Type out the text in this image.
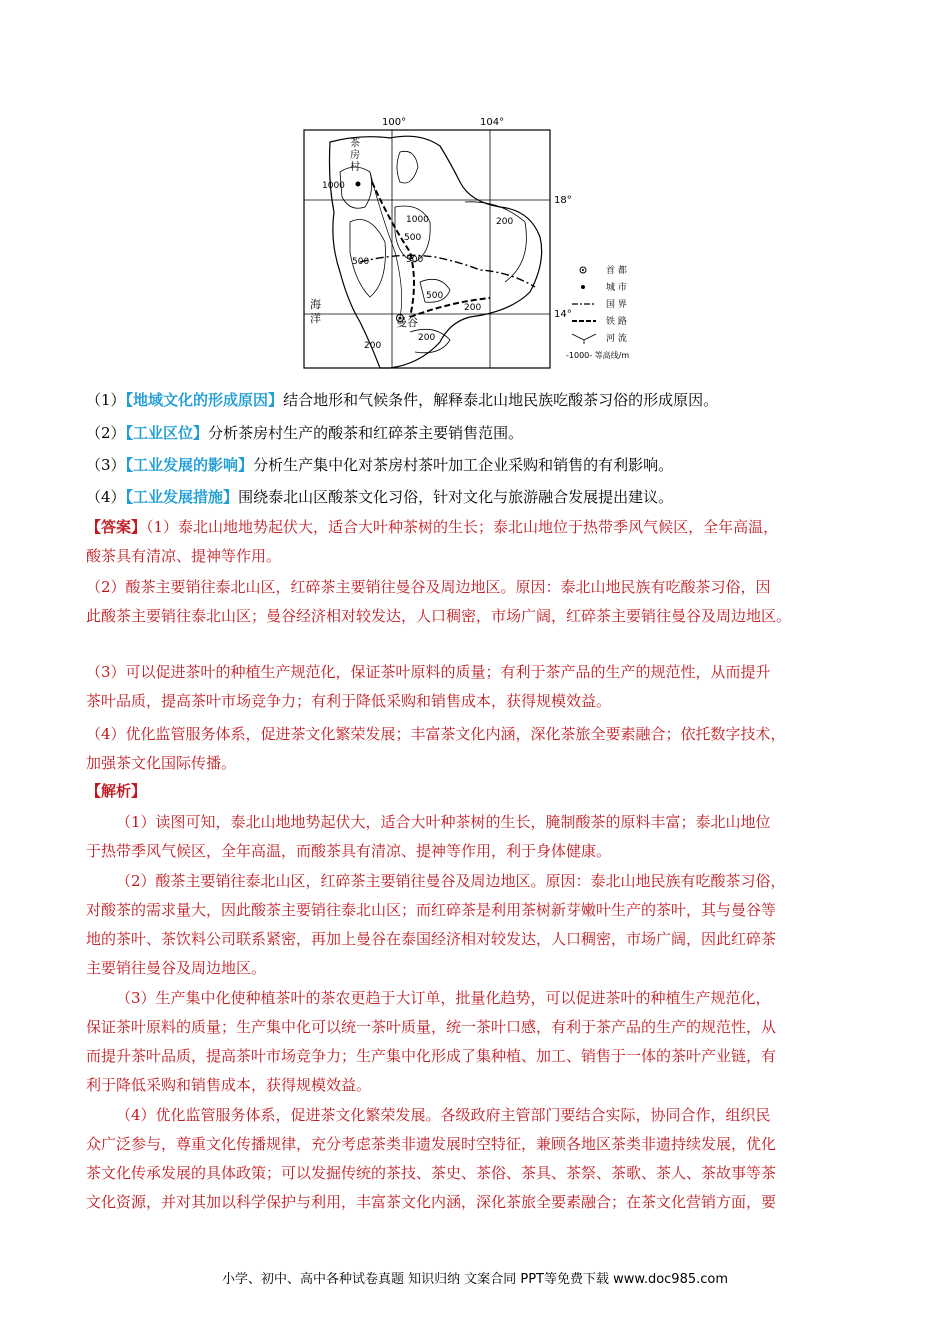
100°	104°
18°
14°
1000
1000
500
500
200
500
500
200
200
200
茶 房 村
曼谷
海 洋
首 都
城 市
国 界
铁 路
河 流
-1000- 等高线/m
（1）【地域文化的形成原因】结合地形和气候条件，解释泰北山地民族吃酸茶习俗的形成原因。
（2）【工业区位】分析茶房村生产的酸茶和红碎茶主要销售范围。
（3）【工业发展的影响】分析生产集中化对茶房村茶叶加工企业采购和销售的有利影响。
（4）【工业发展措施】围绕泰北山区酸茶文化习俗，针对文化与旅游融合发展提出建议。
【答案】（1）泰北山地地势起伏大，适合大叶种茶树的生长；泰北山地位于热带季风气候区，全年高温，
酸茶具有清凉、提神等作用。
（2）酸茶主要销往泰北山区，红碎茶主要销往曼谷及周边地区。原因：泰北山地民族有吃酸茶习俗，因
此酸茶主要销往泰北山区；曼谷经济相对较发达，人口稠密，市场广阔，红碎茶主要销往曼谷及周边地区。
（3）可以促进茶叶的种植生产规范化，保证茶叶原料的质量；有利于茶产品的生产的规范性，从而提升
茶叶品质，提高茶叶市场竞争力；有利于降低采购和销售成本，获得规模效益。
（4）优化监管服务体系，促进茶文化繁荣发展；丰富茶文化内涵，深化茶旅全要素融合；依托数字技术，
加强茶文化国际传播。
【解析】
（1）读图可知，泰北山地地势起伏大，适合大叶种茶树的生长，腌制酸茶的原料丰富；泰北山地位
于热带季风气候区，全年高温，而酸茶具有清凉、提神等作用，利于身体健康。
（2）酸茶主要销往泰北山区，红碎茶主要销往曼谷及周边地区。原因：泰北山地民族有吃酸茶习俗，
对酸茶的需求量大，因此酸茶主要销往泰北山区；而红碎茶是利用茶树新芽嫩叶生产的茶叶，其与曼谷等
地的茶叶、茶饮料公司联系紧密，再加上曼谷在泰国经济相对较发达，人口稠密，市场广阔，因此红碎茶
主要销往曼谷及周边地区。
（3）生产集中化使种植茶叶的茶农更趋于大订单，批量化趋势，可以促进茶叶的种植生产规范化，
保证茶叶原料的质量；生产集中化可以统一茶叶质量，统一茶叶口感，有利于茶产品的生产的规范性，从
而提升茶叶品质，提高茶叶市场竞争力；生产集中化形成了集种植、加工、销售于一体的茶叶产业链，有
利于降低采购和销售成本，获得规模效益。
（4）优化监管服务体系，促进茶文化繁荣发展。各级政府主管部门要结合实际，协同合作，组织民
众广泛参与，尊重文化传播规律，充分考虑茶类非遗发展时空特征，兼顾各地区茶类非遗持续发展，优化
茶文化传承发展的具体政策；可以发掘传统的茶技、茶史、茶俗、茶具、茶祭、茶歌、茶人、茶故事等茶
文化资源，并对其加以科学保护与利用，丰富茶文化内涵，深化茶旅全要素融合；在茶文化营销方面，要
小学、初中、高中各种试卷真题 知识归纳 文案合同 PPT等免费下载 www.doc985.com
